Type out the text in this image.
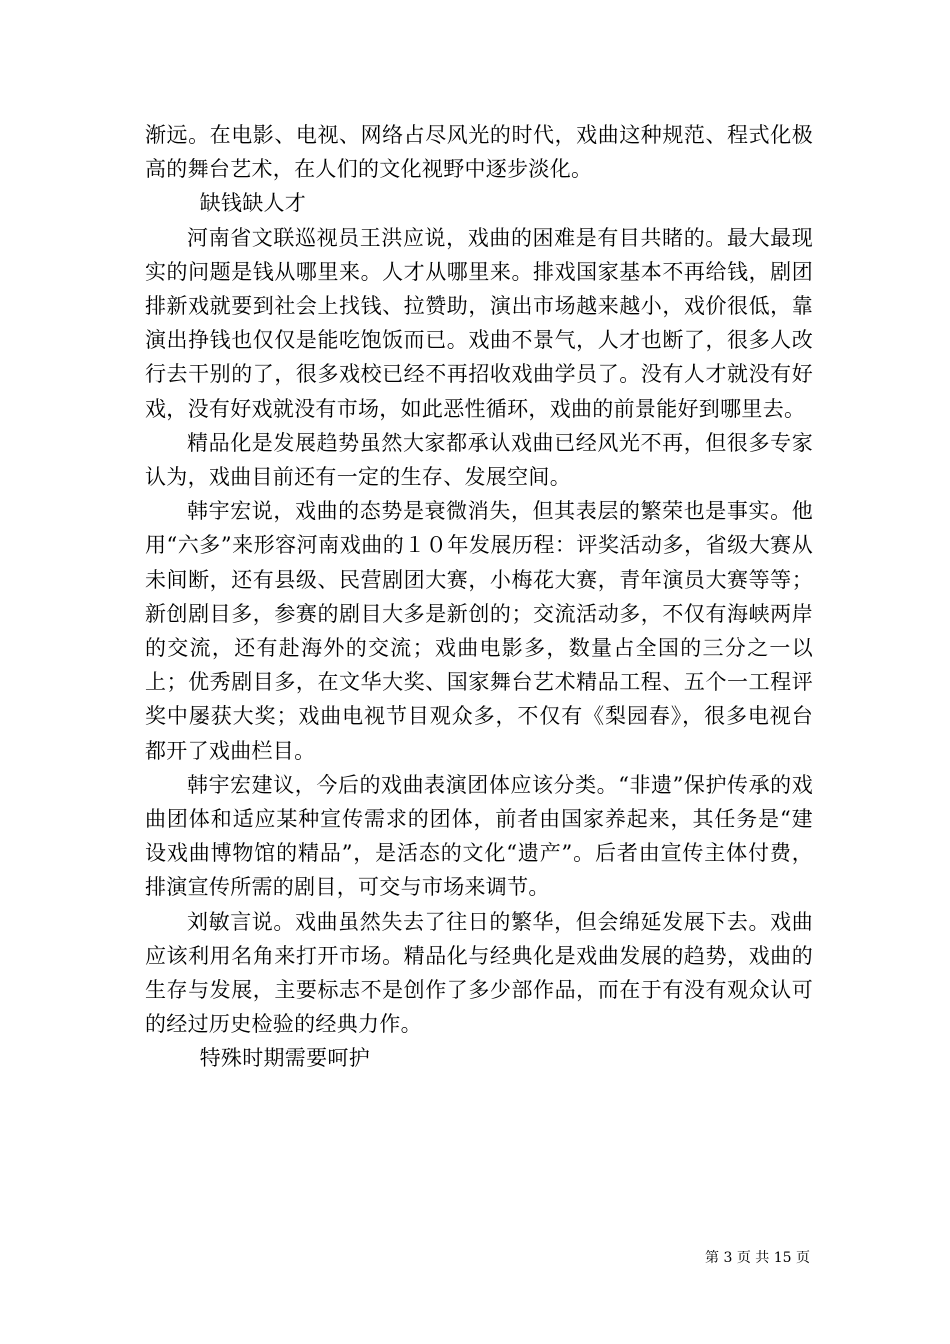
渐远。在电影、电视、网络占尽风光的时代，戏曲这种规范、程式化极高的舞台艺术，在人们的文化视野中逐步淡化。

缺钱缺人才

河南省文联巡视员王洪应说，戏曲的困难是有目共睹的。最大最现实的问题是钱从哪里来。人才从哪里来。排戏国家基本不再给钱，剧团排新戏就要到社会上找钱、拉赞助，演出市场越来越小，戏价很低，靠演出挣钱也仅仅是能吃饱饭而已。戏曲不景气，人才也断了，很多人改行去干别的了，很多戏校已经不再招收戏曲学员了。没有人才就没有好戏，没有好戏就没有市场，如此恶性循环，戏曲的前景能好到哪里去。

精品化是发展趋势虽然大家都承认戏曲已经风光不再，但很多专家认为，戏曲目前还有一定的生存、发展空间。

韩宇宏说，戏曲的态势是衰微消失，但其表层的繁荣也是事实。他用“六多”来形容河南戏曲的１０年发展历程：评奖活动多，省级大赛从未间断，还有县级、民营剧团大赛，小梅花大赛，青年演员大赛等等；新创剧目多，参赛的剧目大多是新创的；交流活动多，不仅有海峡两岸的交流，还有赴海外的交流；戏曲电影多，数量占全国的三分之一以上；优秀剧目多，在文华大奖、国家舞台艺术精品工程、五个一工程评奖中屡获大奖；戏曲电视节目观众多，不仅有《梨园春》，很多电视台都开了戏曲栏目。

韩宇宏建议，今后的戏曲表演团体应该分类。“非遗”保护传承的戏曲团体和适应某种宣传需求的团体，前者由国家养起来，其任务是“建设戏曲博物馆的精品”，是活态的文化“遗产”。后者由宣传主体付费，排演宣传所需的剧目，可交与市场来调节。

刘敏言说。戏曲虽然失去了往日的繁华，但会绵延发展下去。戏曲应该利用名角来打开市场。精品化与经典化是戏曲发展的趋势，戏曲的生存与发展，主要标志不是创作了多少部作品，而在于有没有观众认可的经过历史检验的经典力作。

特殊时期需要呵护

第 3 页 共 15 页
